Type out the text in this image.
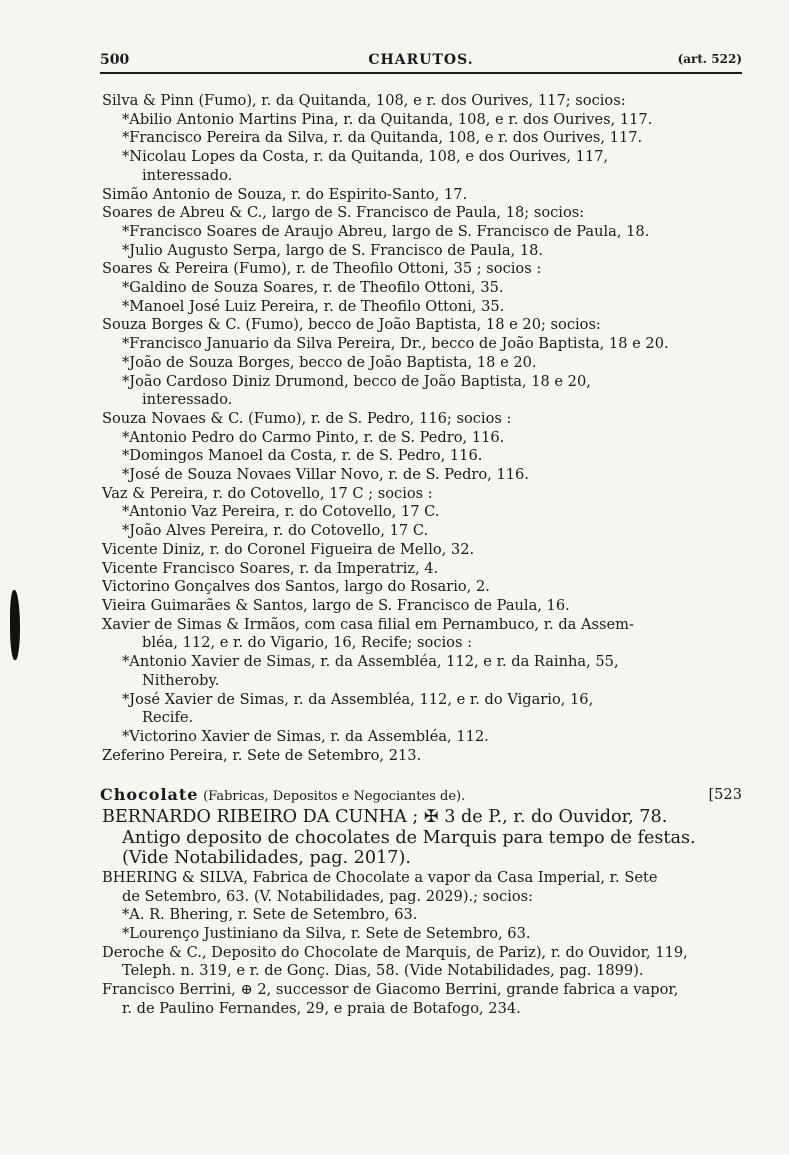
500	CHARUTOS.	(art. 522)
Silva & Pinn (Fumo), r. da Quitanda, 108, e r. dos Ourives, 117; socios:
*Abilio Antonio Martins Pina, r. da Quitanda, 108, e r. dos Ourives, 117.
*Francisco Pereira da Silva, r. da Quitanda, 108, e r. dos Ourives, 117.
*Nicolau Lopes da Costa, r. da Quitanda, 108, e dos Ourives, 117,
interessado.
Simão Antonio de Souza, r. do Espirito-Santo, 17.
Soares de Abreu & C., largo de S. Francisco de Paula, 18; socios:
*Francisco Soares de Araujo Abreu, largo de S. Francisco de Paula, 18.
*Julio Augusto Serpa, largo de S. Francisco de Paula, 18.
Soares & Pereira (Fumo), r. de Theofilo Ottoni, 35 ; socios :
*Galdino de Souza Soares, r. de Theofilo Ottoni, 35.
*Manoel José Luiz Pereira, r. de Theofilo Ottoni, 35.
Souza Borges & C. (Fumo), becco de João Baptista, 18 e 20; socios:
*Francisco Januario da Silva Pereira, Dr., becco de João Baptista, 18 e 20.
*João de Souza Borges, becco de João Baptista, 18 e 20.
*João Cardoso Diniz Drumond, becco de João Baptista, 18 e 20,
interessado.
Souza Novaes & C. (Fumo), r. de S. Pedro, 116; socios :
*Antonio Pedro do Carmo Pinto, r. de S. Pedro, 116.
*Domingos Manoel da Costa, r. de S. Pedro, 116.
*José de Souza Novaes Villar Novo, r. de S. Pedro, 116.
Vaz & Pereira, r. do Cotovello, 17 C ; socios :
*Antonio Vaz Pereira, r. do Cotovello, 17 C.
*João Alves Pereira, r. do Cotovello, 17 C.
Vicente Diniz, r. do Coronel Figueira de Mello, 32.
Vicente Francisco Soares, r. da Imperatriz, 4.
Victorino Gonçalves dos Santos, largo do Rosario, 2.
Vieira Guimarães & Santos, largo de S. Francisco de Paula, 16.
Xavier de Simas & Irmãos, com casa filial em Pernambuco, r. da Assem-
bléa, 112, e r. do Vigario, 16, Recife; socios :
*Antonio Xavier de Simas, r. da Assembléa, 112, e r. da Rainha, 55,
Nitheroby.
*José Xavier de Simas, r. da Assembléa, 112, e r. do Vigario, 16,
Recife.
*Victorino Xavier de Simas, r. da Assembléa, 112.
Zeferino Pereira, r. Sete de Setembro, 213.
Chocolate (Fabricas, Depositos e Negociantes de).	[523
BERNARDO RIBEIRO DA CUNHA ; ✠ 3 de P., r. do Ouvidor, 78.
Antigo deposito de chocolates de Marquis para tempo de festas.
(Vide Notabilidades, pag. 2017).
BHERING & SILVA, Fabrica de Chocolate a vapor da Casa Imperial, r. Sete
de Setembro, 63. (V. Notabilidades, pag. 2029).; socios:
*A. R. Bhering, r. Sete de Setembro, 63.
*Lourenço Justiniano da Silva, r. Sete de Setembro, 63.
Deroche & C., Deposito do Chocolate de Marquis, de Pariz), r. do Ouvidor, 119,
Teleph. n. 319, e r. de Gonç. Dias, 58. (Vide Notabilidades, pag. 1899).
Francisco Berrini, ⊕ 2, successor de Giacomo Berrini, grande fabrica a vapor,
r. de Paulino Fernandes, 29, e praia de Botafogo, 234.
